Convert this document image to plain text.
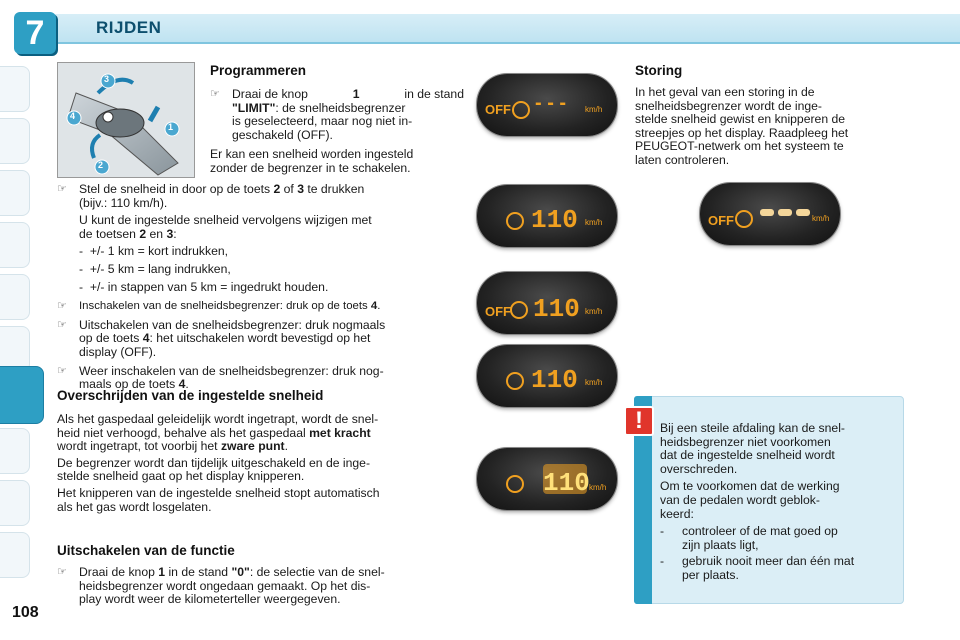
7	RIJDEN
108
3
4
1
2
Programmeren
☞ Draai de knop	1	in de stand
"LIMIT": de snelheidsbegrenzer
is geselecteerd, maar nog niet in-
geschakeld (OFF).
Er kan een snelheid worden ingesteld
zonder de begrenzer in te schakelen.
☞ Stel de snelheid in door op de toets 2 of 3 te drukken
(bijv.: 110 km/h).
U kunt de ingestelde snelheid vervolgens wijzigen met
de toetsen 2 en 3:
-  +/- 1 km = kort indrukken,
-  +/- 5 km = lang indrukken,
-  +/- in stappen van 5 km = ingedrukt houden.
☞ Inschakelen van de snelheidsbegrenzer: druk op de toets 4.
☞ Uitschakelen van de snelheidsbegrenzer: druk nogmaals
op de toets 4: het uitschakelen wordt bevestigd op het
display (OFF).
☞ Weer inschakelen van de snelheidsbegrenzer: druk nog-
maals op de toets 4.
Overschrijden van de ingestelde snelheid
Als het gaspedaal geleidelijk wordt ingetrapt, wordt de snel-
heid niet verhoogd, behalve als het gaspedaal met kracht
wordt ingetrapt, tot voorbij het zware punt.
De begrenzer wordt dan tijdelijk uitgeschakeld en de inge-
stelde snelheid gaat op het display knipperen.
Het knipperen van de ingestelde snelheid stopt automatisch
als het gas wordt losgelaten.
Uitschakelen van de functie
☞ Draai de knop 1 in de stand "0": de selectie van de snel-
heidsbegrenzer wordt ongedaan gemaakt. Op het dis-
play wordt weer de kilometerteller weergegeven.
OFF - - - km/h
110 km/h
OFF 110 km/h
110 km/h
110 km/h
Storing
In het geval van een storing in de
snelheidsbegrenzer wordt de inge-
stelde snelheid gewist en knipperen de
streepjes op het display. Raadpleeg het
PEUGEOT-netwerk om het systeem te
laten controleren.
OFF	km/h
!	Bij een steile afdaling kan de snel-
heidsbegrenzer niet voorkomen
dat de ingestelde snelheid wordt
overschreden.
Om te voorkomen dat de werking
van de pedalen wordt geblok-
keerd:
- controleer of de mat goed op
zijn plaats ligt,
- gebruik nooit meer dan één mat
per plaats.
